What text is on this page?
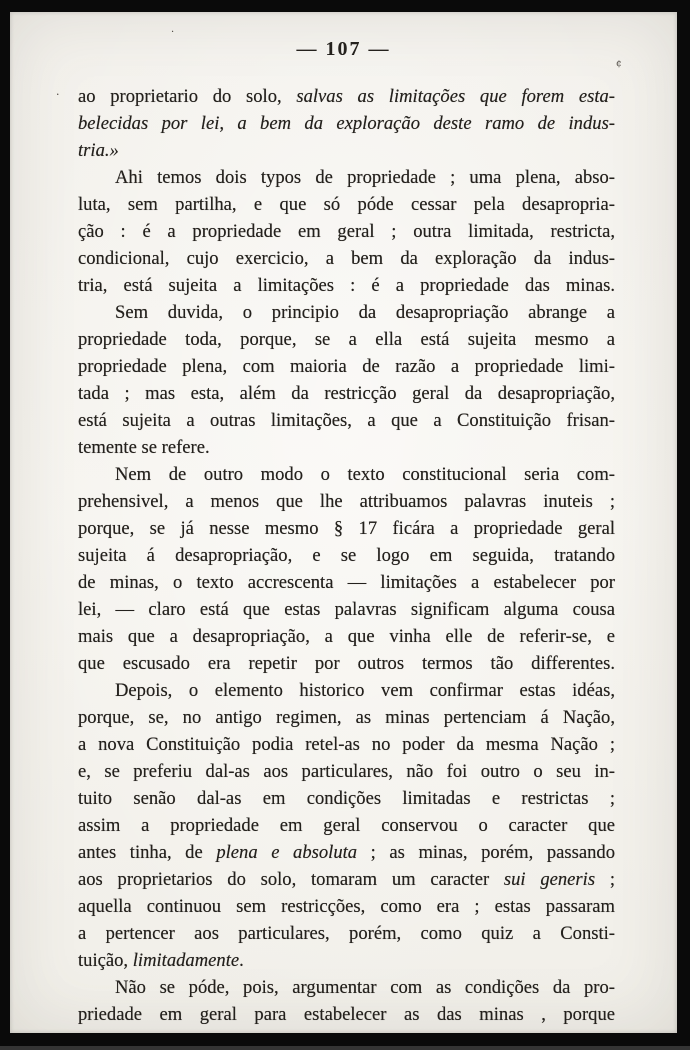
— 107 —
ao proprietario do solo, salvas as limitações que forem esta-
belecidas por lei, a bem da exploração deste ramo de indus-
tria.»
Ahi temos dois typos de propriedade ; uma plena, abso-
luta, sem partilha, e que só póde cessar pela desapropria-
ção : é a propriedade em geral ; outra limitada, restricta,
condicional, cujo exercicio, a bem da exploração da indus-
tria, está sujeita a limitações : é a propriedade das minas.
Sem duvida, o principio da desapropriação abrange a
propriedade toda, porque, se a ella está sujeita mesmo a
propriedade plena, com maioria de razão a propriedade limi-
tada ; mas esta, além da restricção geral da desapropriação,
está sujeita a outras limitações, a que a Constituição frisan-
temente se refere.
Nem de outro modo o texto constitucional seria com-
prehensivel, a menos que lhe attribuamos palavras inuteis ;
porque, se já nesse mesmo § 17 ficára a propriedade geral
sujeita á desapropriação, e se logo em seguida, tratando
de minas, o texto accrescenta — limitações a estabelecer por
lei, — claro está que estas palavras significam alguma cousa
mais que a desapropriação, a que vinha elle de referir-se, e
que escusado era repetir por outros termos tão differentes.
Depois, o elemento historico vem confirmar estas idéas,
porque, se, no antigo regimen, as minas pertenciam á Nação,
a nova Constituição podia retel-as no poder da mesma Nação ;
e, se preferiu dal-as aos particulares, não foi outro o seu in-
tuito senão dal-as em condições limitadas e restrictas ;
assim a propriedade em geral conservou o caracter que
antes tinha, de plena e absoluta ; as minas, porém, passando
aos proprietarios do solo, tomaram um caracter sui generis ;
aquella continuou sem restricções, como era ; estas passaram
a pertencer aos particulares, porém, como quiz a Consti-
tuição, limitadamente.
Não se póde, pois, argumentar com as condições da pro-
priedade em geral para estabelecer as das minas , porque
¢
·
·
